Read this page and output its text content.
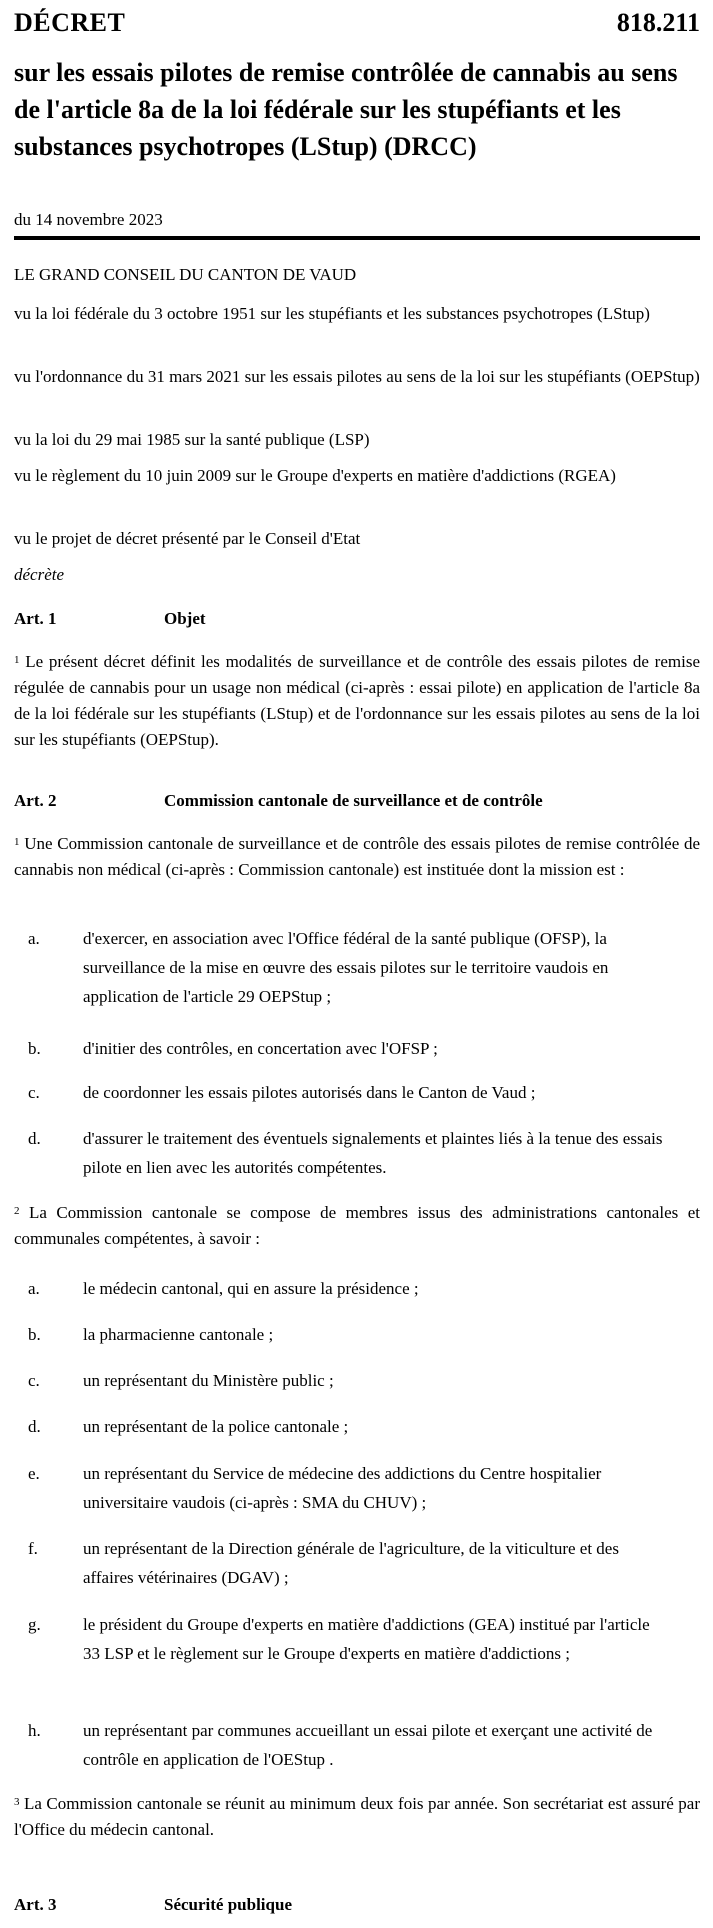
DÉCRET	818.211
sur les essais pilotes de remise contrôlée de cannabis au sens de l'article 8a de la loi fédérale sur les stupéfiants et les substances psychotropes (LStup) (DRCC)
du 14 novembre 2023
LE GRAND CONSEIL DU CANTON DE VAUD
vu la loi fédérale du 3 octobre 1951 sur les stupéfiants et les substances psychotropes (LStup)
vu l'ordonnance du 31 mars 2021 sur les essais pilotes au sens de la loi sur les stupéfiants (OEPStup)
vu la loi du 29 mai 1985 sur la santé publique (LSP)
vu le règlement du 10 juin 2009 sur le Groupe d'experts en matière d'addictions (RGEA)
vu le projet de décret présenté par le Conseil d'Etat
décrète
Art. 1	Objet
$^1$ Le présent décret définit les modalités de surveillance et de contrôle des essais pilotes de remise régulée de cannabis pour un usage non médical (ci-après : essai pilote) en application de l'article 8a de la loi fédérale sur les stupéfiants (LStup) et de l'ordonnance sur les essais pilotes au sens de la loi sur les stupéfiants (OEPStup).
Art. 2	Commission cantonale de surveillance et de contrôle
$^1$ Une Commission cantonale de surveillance et de contrôle des essais pilotes de remise contrôlée de cannabis non médical (ci-après : Commission cantonale) est instituée dont la mission est :
a.	d'exercer, en association avec l'Office fédéral de la santé publique (OFSP), la surveillance de la mise en œuvre des essais pilotes sur le territoire vaudois en application de l'article 29 OEPStup ;
b. d'initier des contrôles, en concertation avec l'OFSP ;
c.	de coordonner les essais pilotes autorisés dans le Canton de Vaud ;
d. d'assurer le traitement des éventuels signalements et plaintes liés à la tenue des essais pilote en lien avec les autorités compétentes.
$^2$ La Commission cantonale se compose de membres issus des administrations cantonales et communales compétentes, à savoir :
a.	le médecin cantonal, qui en assure la présidence ;
b. la pharmacienne cantonale ;
c.	un représentant du Ministère public ;
d. un représentant de la police cantonale ;
e.	un représentant du Service de médecine des addictions du Centre hospitalier universitaire vaudois (ci-après : SMA du CHUV) ;
f.	un représentant de la Direction générale de l'agriculture, de la viticulture et des affaires vétérinaires (DGAV) ;
g. le président du Groupe d'experts en matière d'addictions (GEA) institué par l'article 33 LSP et le règlement sur le Groupe d'experts en matière d'addictions ;
h. un représentant par communes accueillant un essai pilote et exerçant une activité de contrôle en application de l'OEStup .
$^3$ La Commission cantonale se réunit au minimum deux fois par année. Son secrétariat est assuré par l'Office du médecin cantonal.
Art. 3	Sécurité publique
